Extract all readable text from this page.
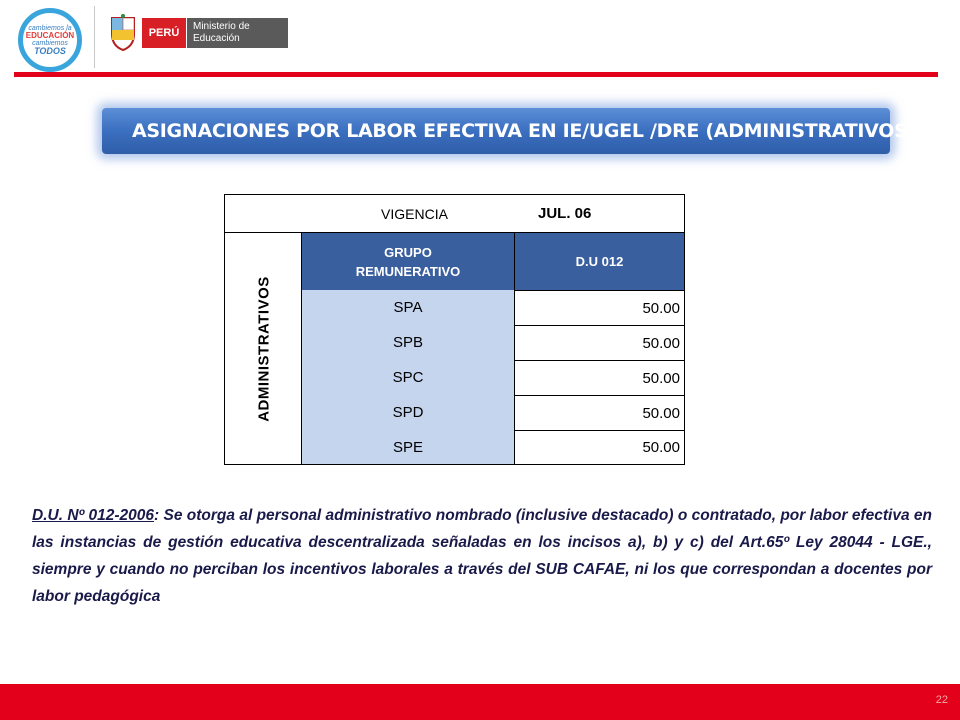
cambiemos la
EDUCACIÓN
cambiemos
TODOS
PERÚ
Ministerio de Educación
ASIGNACIONES POR LABOR EFECTIVA EN IE/UGEL /DRE (ADMINISTRATIVOS)
VIGENCIA	JUL. 06
ADMINISTRATIVOS
GRUPO REMUNERATIVO
D.U 012
SPA	50.00
SPB	50.00
SPC	50.00
SPD	50.00
SPE	50.00
D.U. Nº 012-2006: Se otorga al personal administrativo nombrado (inclusive destacado) o contratado, por labor efectiva en las instancias de gestión educativa descentralizada señaladas en los incisos a), b) y c) del Art.65º Ley 28044 - LGE., siempre y cuando no perciban los incentivos laborales a través del SUB CAFAE, ni los que correspondan a docentes por labor pedagógica
22
